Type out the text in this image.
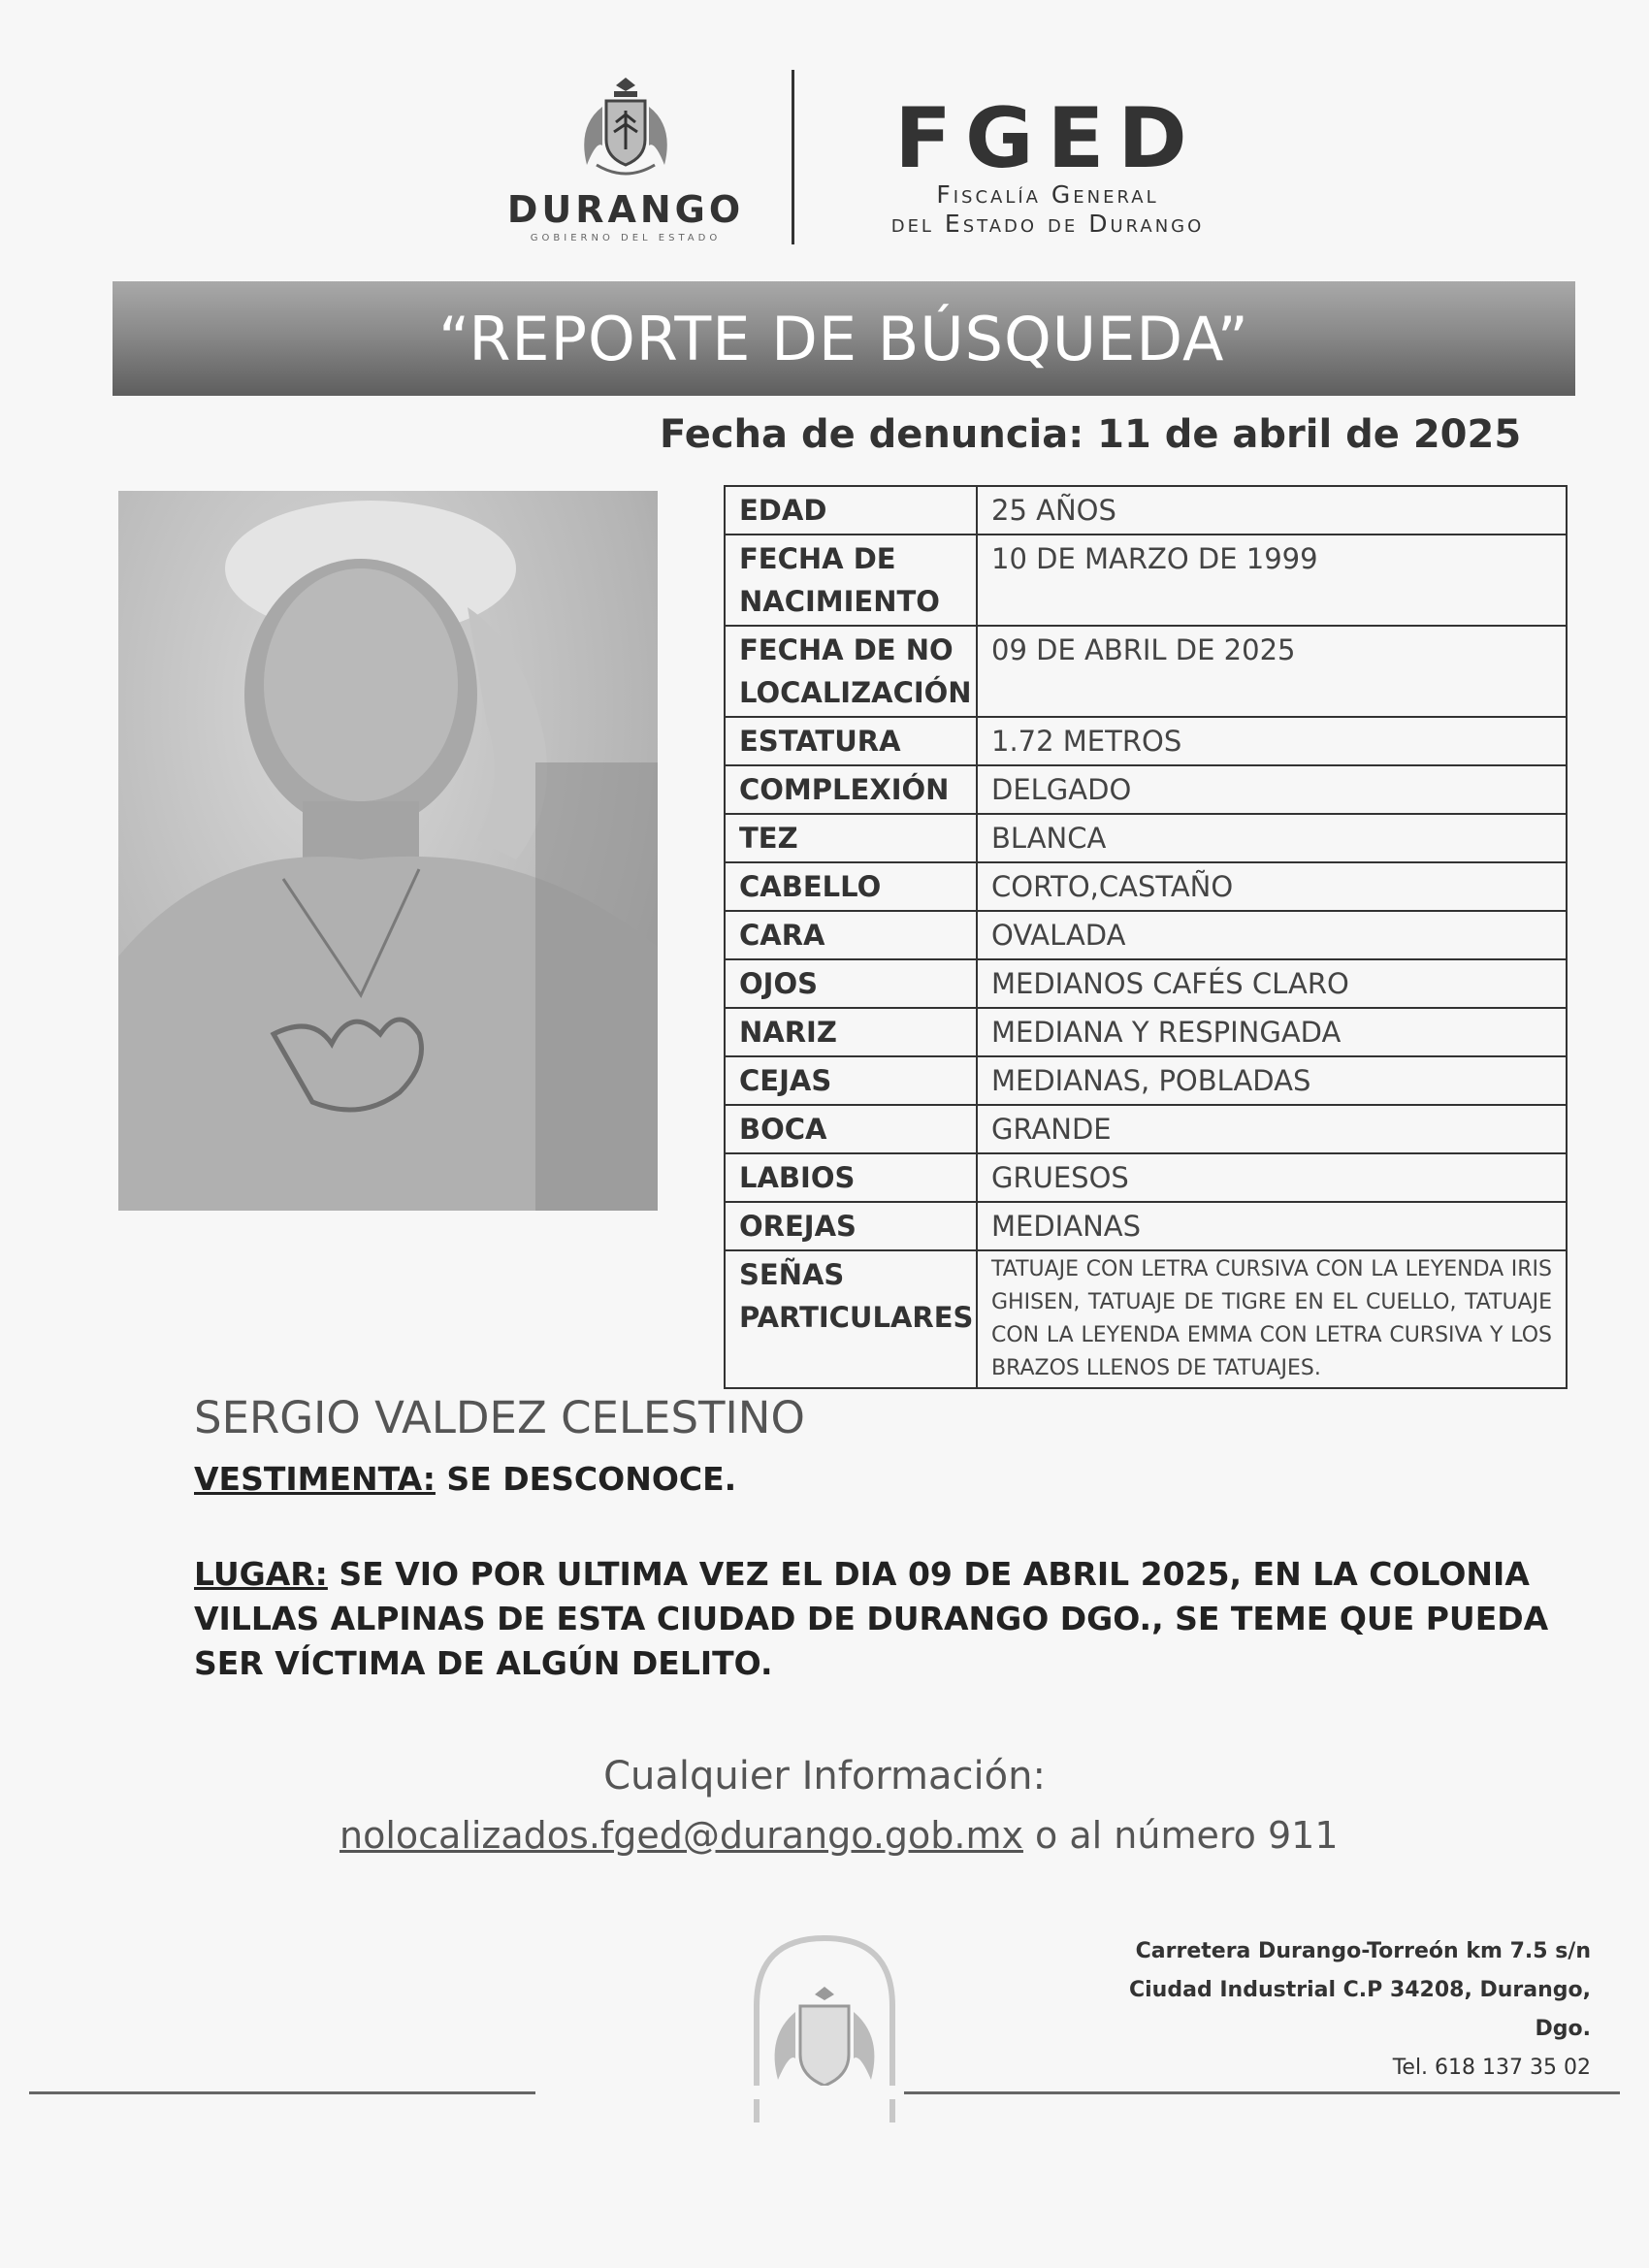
DURANGO
GOBIERNO DEL ESTADO
FGED
Fiscalía General
del Estado de Durango
“REPORTE DE BÚSQUEDA”
Fecha de denuncia: 11 de abril de 2025
EDAD	25 AÑOS
FECHA DE NACIMIENTO	10 DE MARZO DE 1999
FECHA DE NO LOCALIZACIÓN	09 DE ABRIL DE 2025
ESTATURA	1.72 METROS
COMPLEXIÓN	DELGADO
TEZ	BLANCA
CABELLO	CORTO,CASTAÑO
CARA	OVALADA
OJOS	MEDIANOS CAFÉS CLARO
NARIZ	MEDIANA Y RESPINGADA
CEJAS	MEDIANAS, POBLADAS
BOCA	GRANDE
LABIOS	GRUESOS
OREJAS	MEDIANAS
SEÑAS PARTICULARES	TATUAJE CON LETRA CURSIVA CON LA LEYENDA IRIS GHISEN, TATUAJE DE TIGRE EN EL CUELLO, TATUAJE CON LA LEYENDA EMMA CON LETRA CURSIVA Y LOS BRAZOS LLENOS DE TATUAJES.
SERGIO VALDEZ CELESTINO
VESTIMENTA: SE DESCONOCE.
LUGAR: SE VIO POR ULTIMA VEZ EL DIA 09 DE ABRIL 2025, EN LA COLONIA VILLAS ALPINAS DE ESTA CIUDAD DE DURANGO DGO., SE TEME QUE PUEDA SER VÍCTIMA DE ALGÚN DELITO.
Cualquier Información:
nolocalizados.fged@durango.gob.mx o al número 911
Carretera Durango-Torreón km 7.5 s/n
Ciudad Industrial C.P 34208, Durango, Dgo.
Tel. 618 137 35 02
